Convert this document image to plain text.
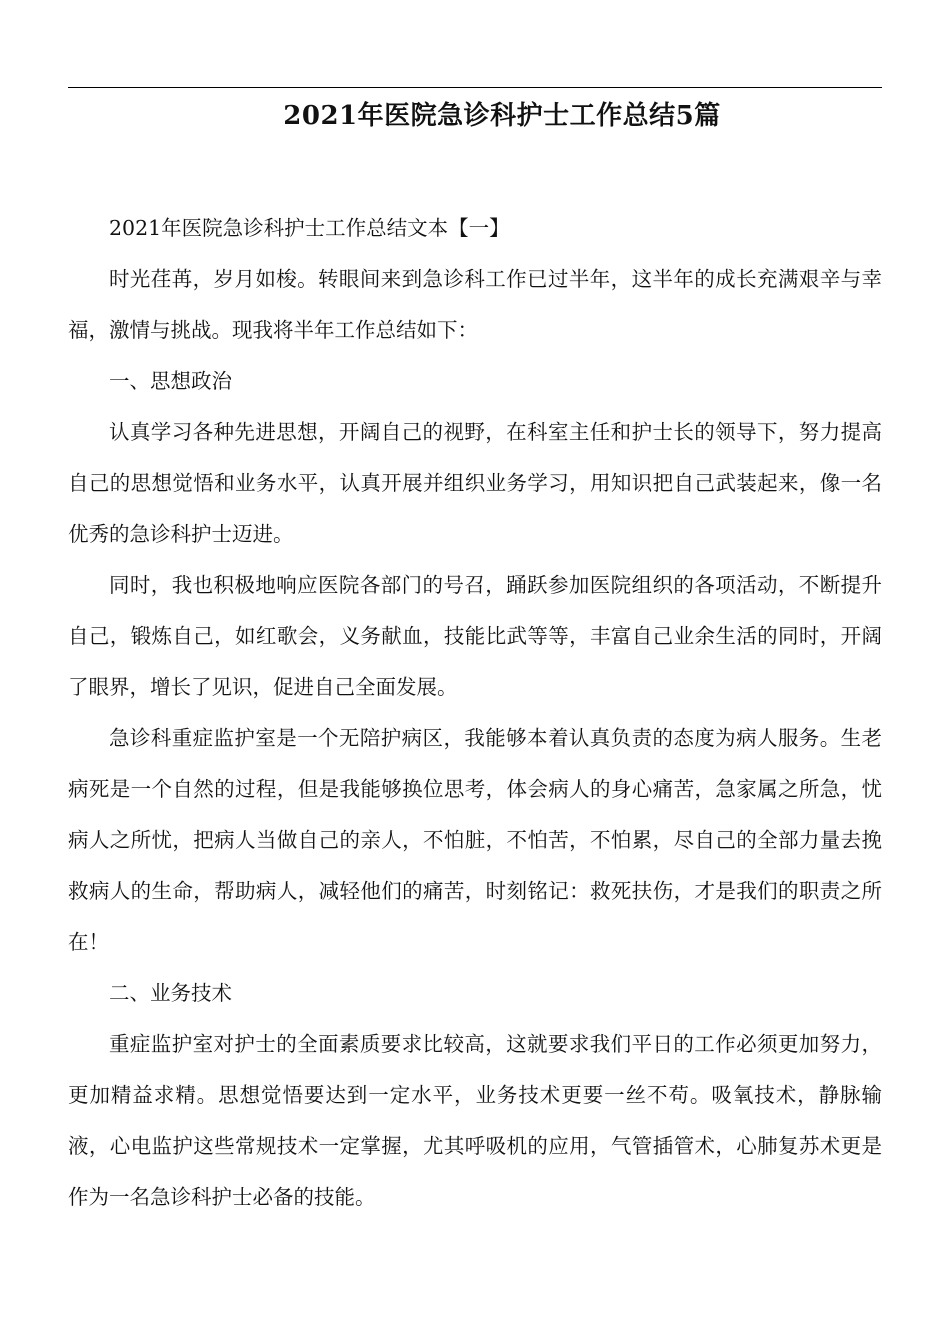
2021年医院急诊科护士工作总结5篇

2021年医院急诊科护士工作总结文本【一】

时光荏苒，岁月如梭。转眼间来到急诊科工作已过半年，这半年的成长充满艰辛与幸福，激情与挑战。现我将半年工作总结如下：

一、思想政治

认真学习各种先进思想，开阔自己的视野，在科室主任和护士长的领导下，努力提高自己的思想觉悟和业务水平，认真开展并组织业务学习，用知识把自己武装起来，像一名优秀的急诊科护士迈进。

同时，我也积极地响应医院各部门的号召，踊跃参加医院组织的各项活动，不断提升自己，锻炼自己，如红歌会，义务献血，技能比武等等，丰富自己业余生活的同时，开阔了眼界，增长了见识，促进自己全面发展。

急诊科重症监护室是一个无陪护病区，我能够本着认真负责的态度为病人服务。生老病死是一个自然的过程，但是我能够换位思考，体会病人的身心痛苦，急家属之所急，忧病人之所忧，把病人当做自己的亲人，不怕脏，不怕苦，不怕累，尽自己的全部力量去挽救病人的生命，帮助病人，减轻他们的痛苦，时刻铭记：救死扶伤，才是我们的职责之所在！

二、业务技术

重症监护室对护士的全面素质要求比较高，这就要求我们平日的工作必须更加努力，更加精益求精。思想觉悟要达到一定水平，业务技术更要一丝不苟。吸氧技术，静脉输液，心电监护这些常规技术一定掌握，尤其呼吸机的应用，气管插管术，心肺复苏术更是作为一名急诊科护士必备的技能。
